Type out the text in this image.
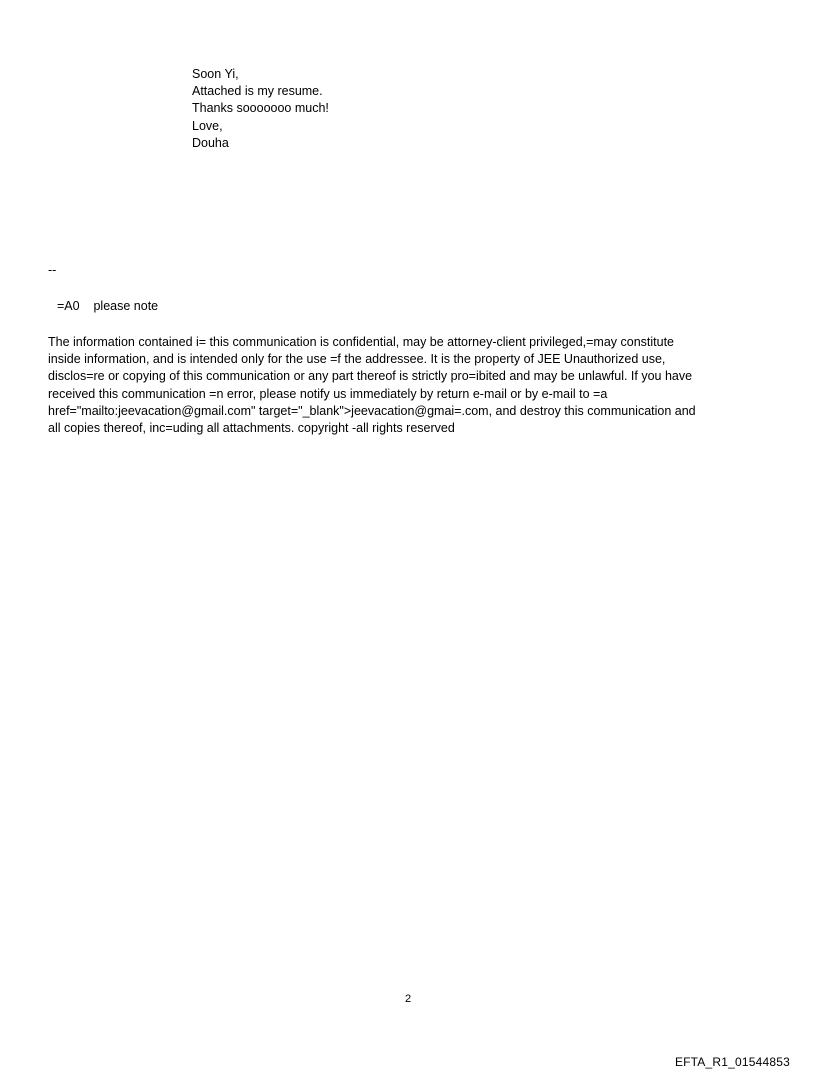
Soon Yi,
Attached is my resume.
Thanks sooooooo much!
Love,
Douha
--
=A0    please note
The information contained i= this communication is confidential, may be attorney-client privileged,=may constitute
inside information, and is intended only for the use =f the addressee. It is the property of JEE Unauthorized use,
disclos=re or copying of this communication or any part thereof is strictly pro=ibited and may be unlawful. If you have
received this communication =n error, please notify us immediately by return e-mail or by e-mail to =a
href="mailto:jeevacation@gmail.com" target="_blank">jeevacation@gmai=.com, and destroy this communication and
all copies thereof, inc=uding all attachments. copyright -all rights reserved
2
EFTA_R1_01544853
